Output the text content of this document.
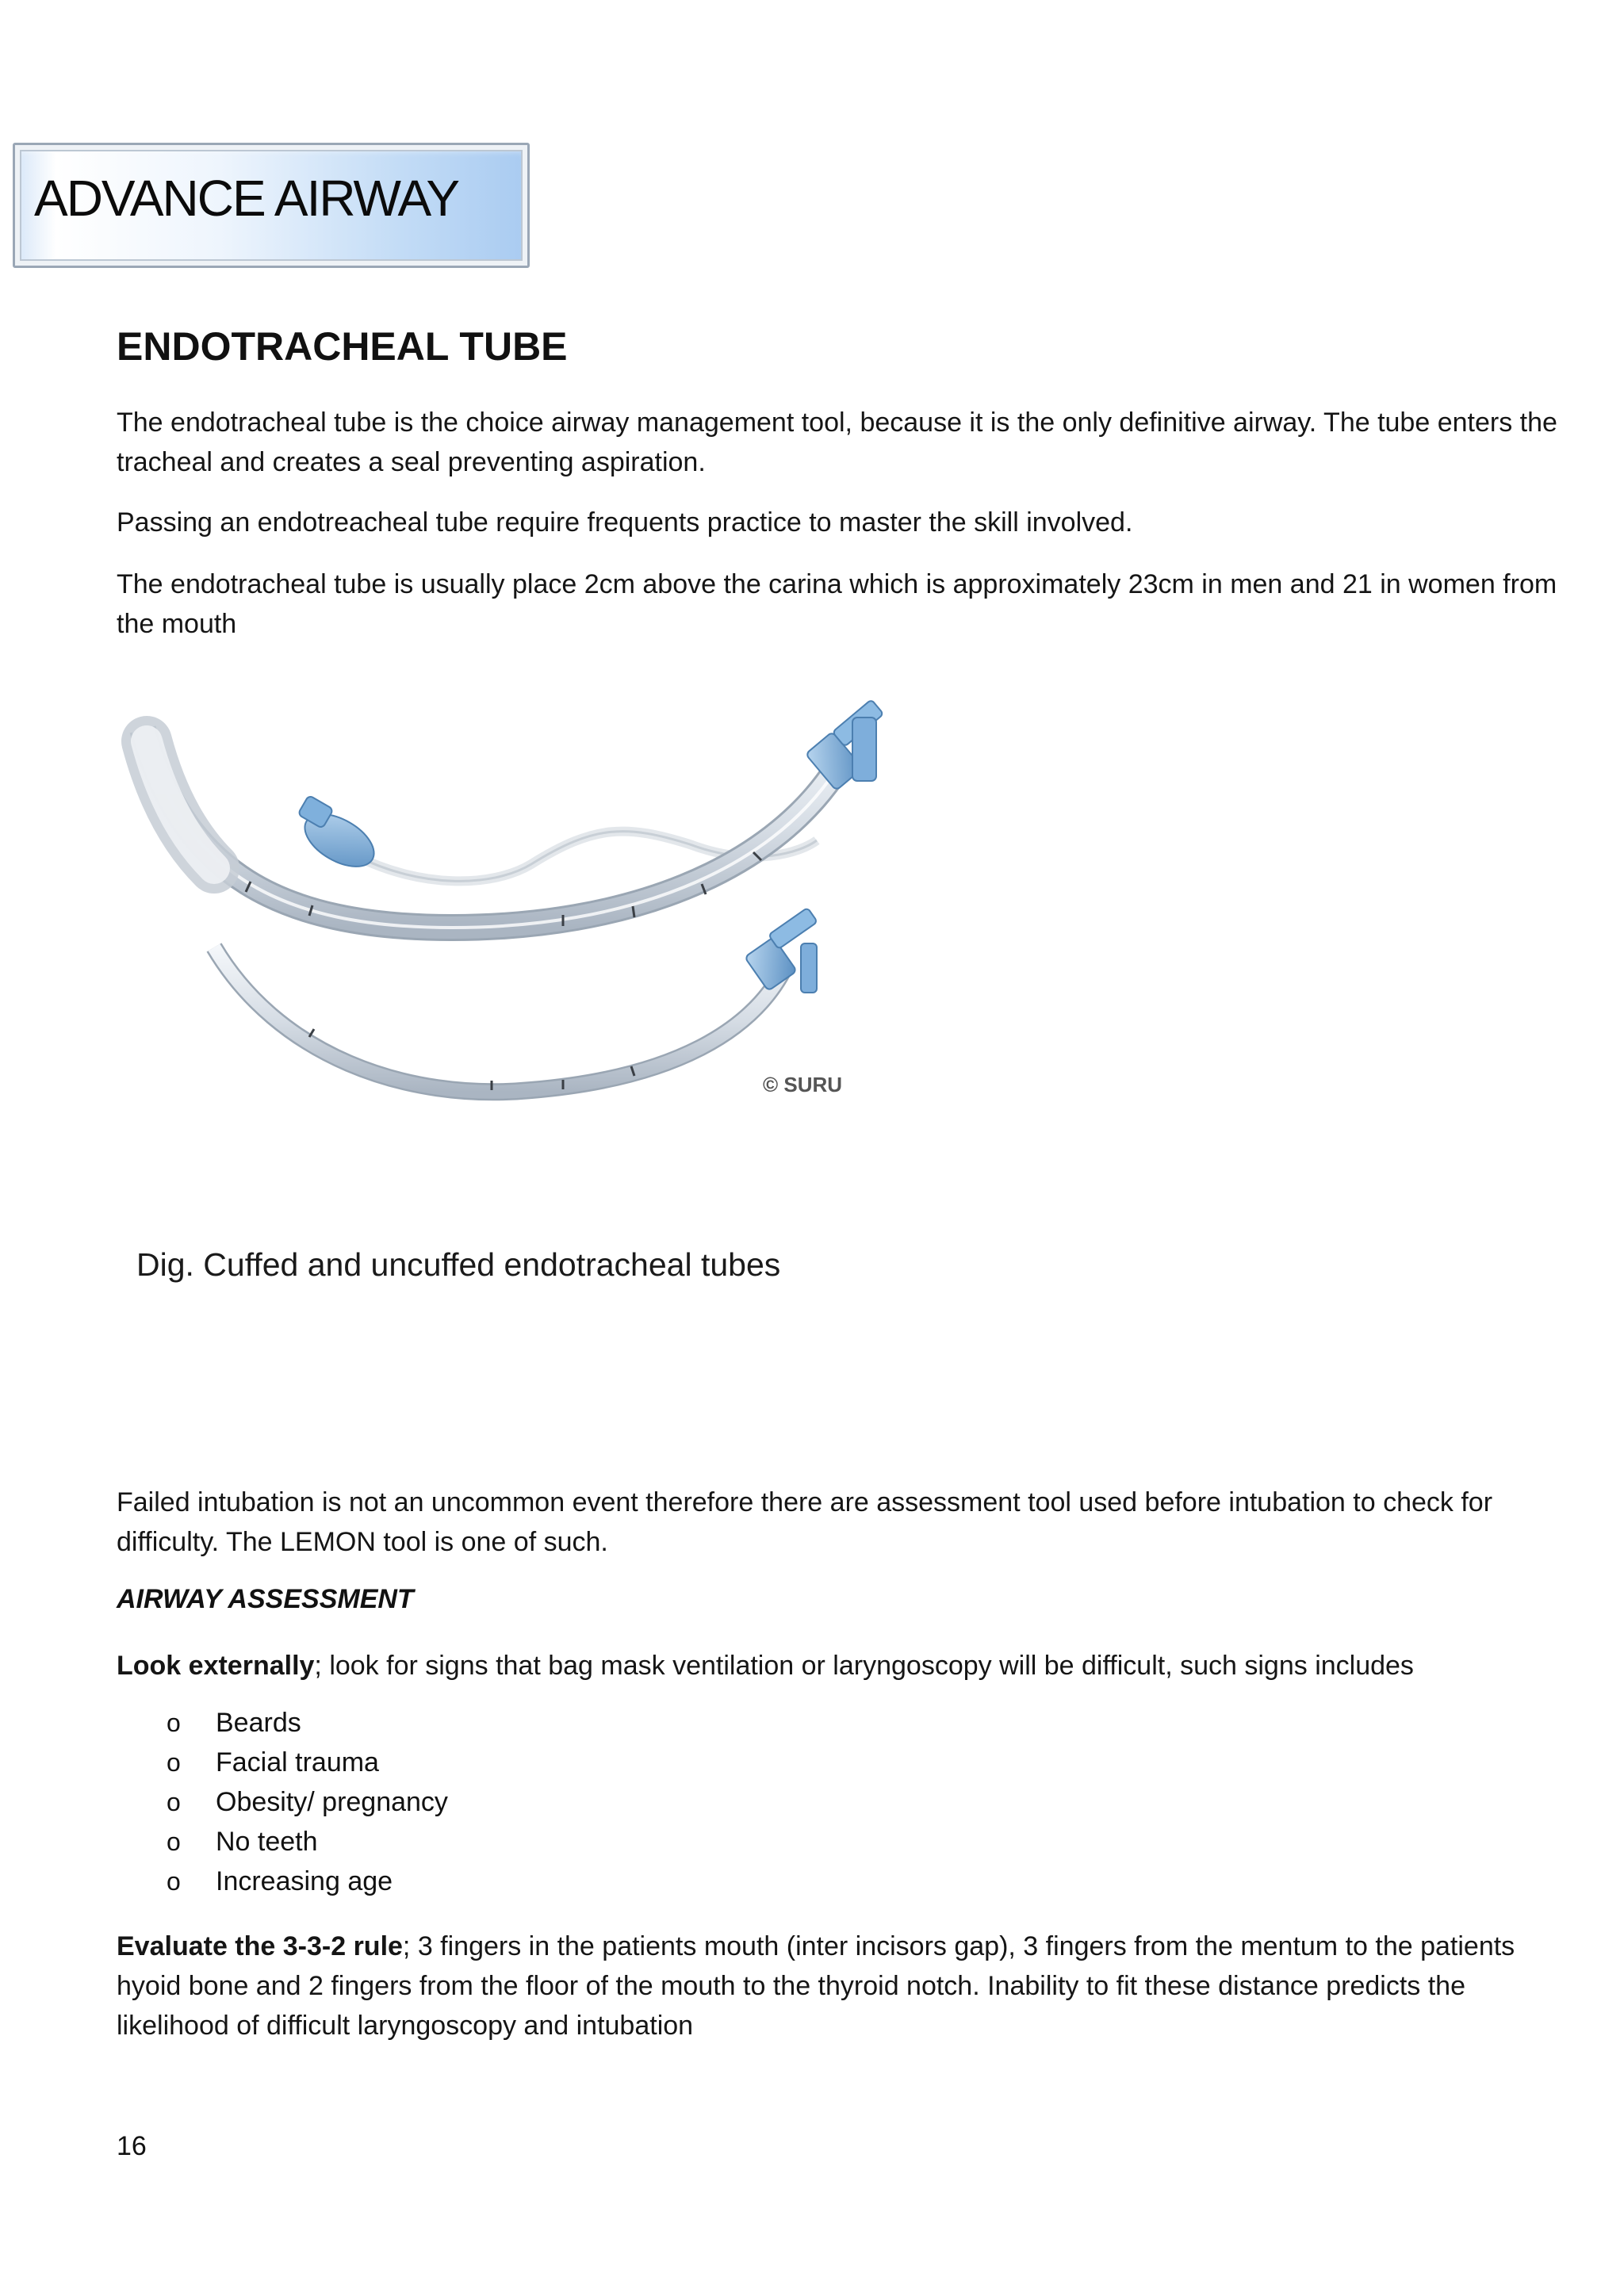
ADVANCE AIRWAY
ENDOTRACHEAL TUBE
The endotracheal tube is the choice airway management tool, because it is the only definitive airway. The tube enters the tracheal and creates a seal preventing aspiration.
Passing an endotreacheal tube require frequents practice to master the skill involved.
The endotracheal tube is usually place 2cm above the carina which is approximately 23cm in men and 21 in women from the mouth
© SURU
Dig. Cuffed and uncuffed endotracheal tubes
Failed intubation is not an uncommon event therefore there are assessment tool used before intubation to check for difficulty. The LEMON tool is one of such.
AIRWAY ASSESSMENT
Look externally; look for signs that bag mask ventilation or laryngoscopy will be difficult, such signs includes
o Beards
o Facial trauma
o Obesity/ pregnancy
o No teeth
o Increasing age
Evaluate the 3-3-2 rule; 3 fingers in the patients mouth (inter incisors gap), 3 fingers from the mentum to the patients hyoid bone and 2 fingers from the floor of the mouth to the thyroid notch. Inability to fit these distance predicts the likelihood of difficult laryngoscopy and intubation
16
